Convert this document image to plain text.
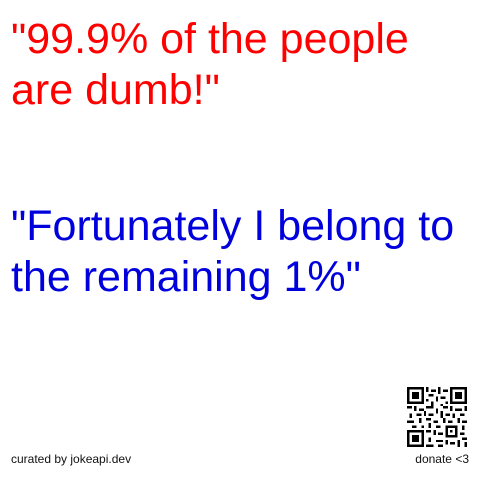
"99.9% of the people are dumb!"

"Fortunately I belong to the remaining 1%"

curated by jokeapi.dev	donate <3
